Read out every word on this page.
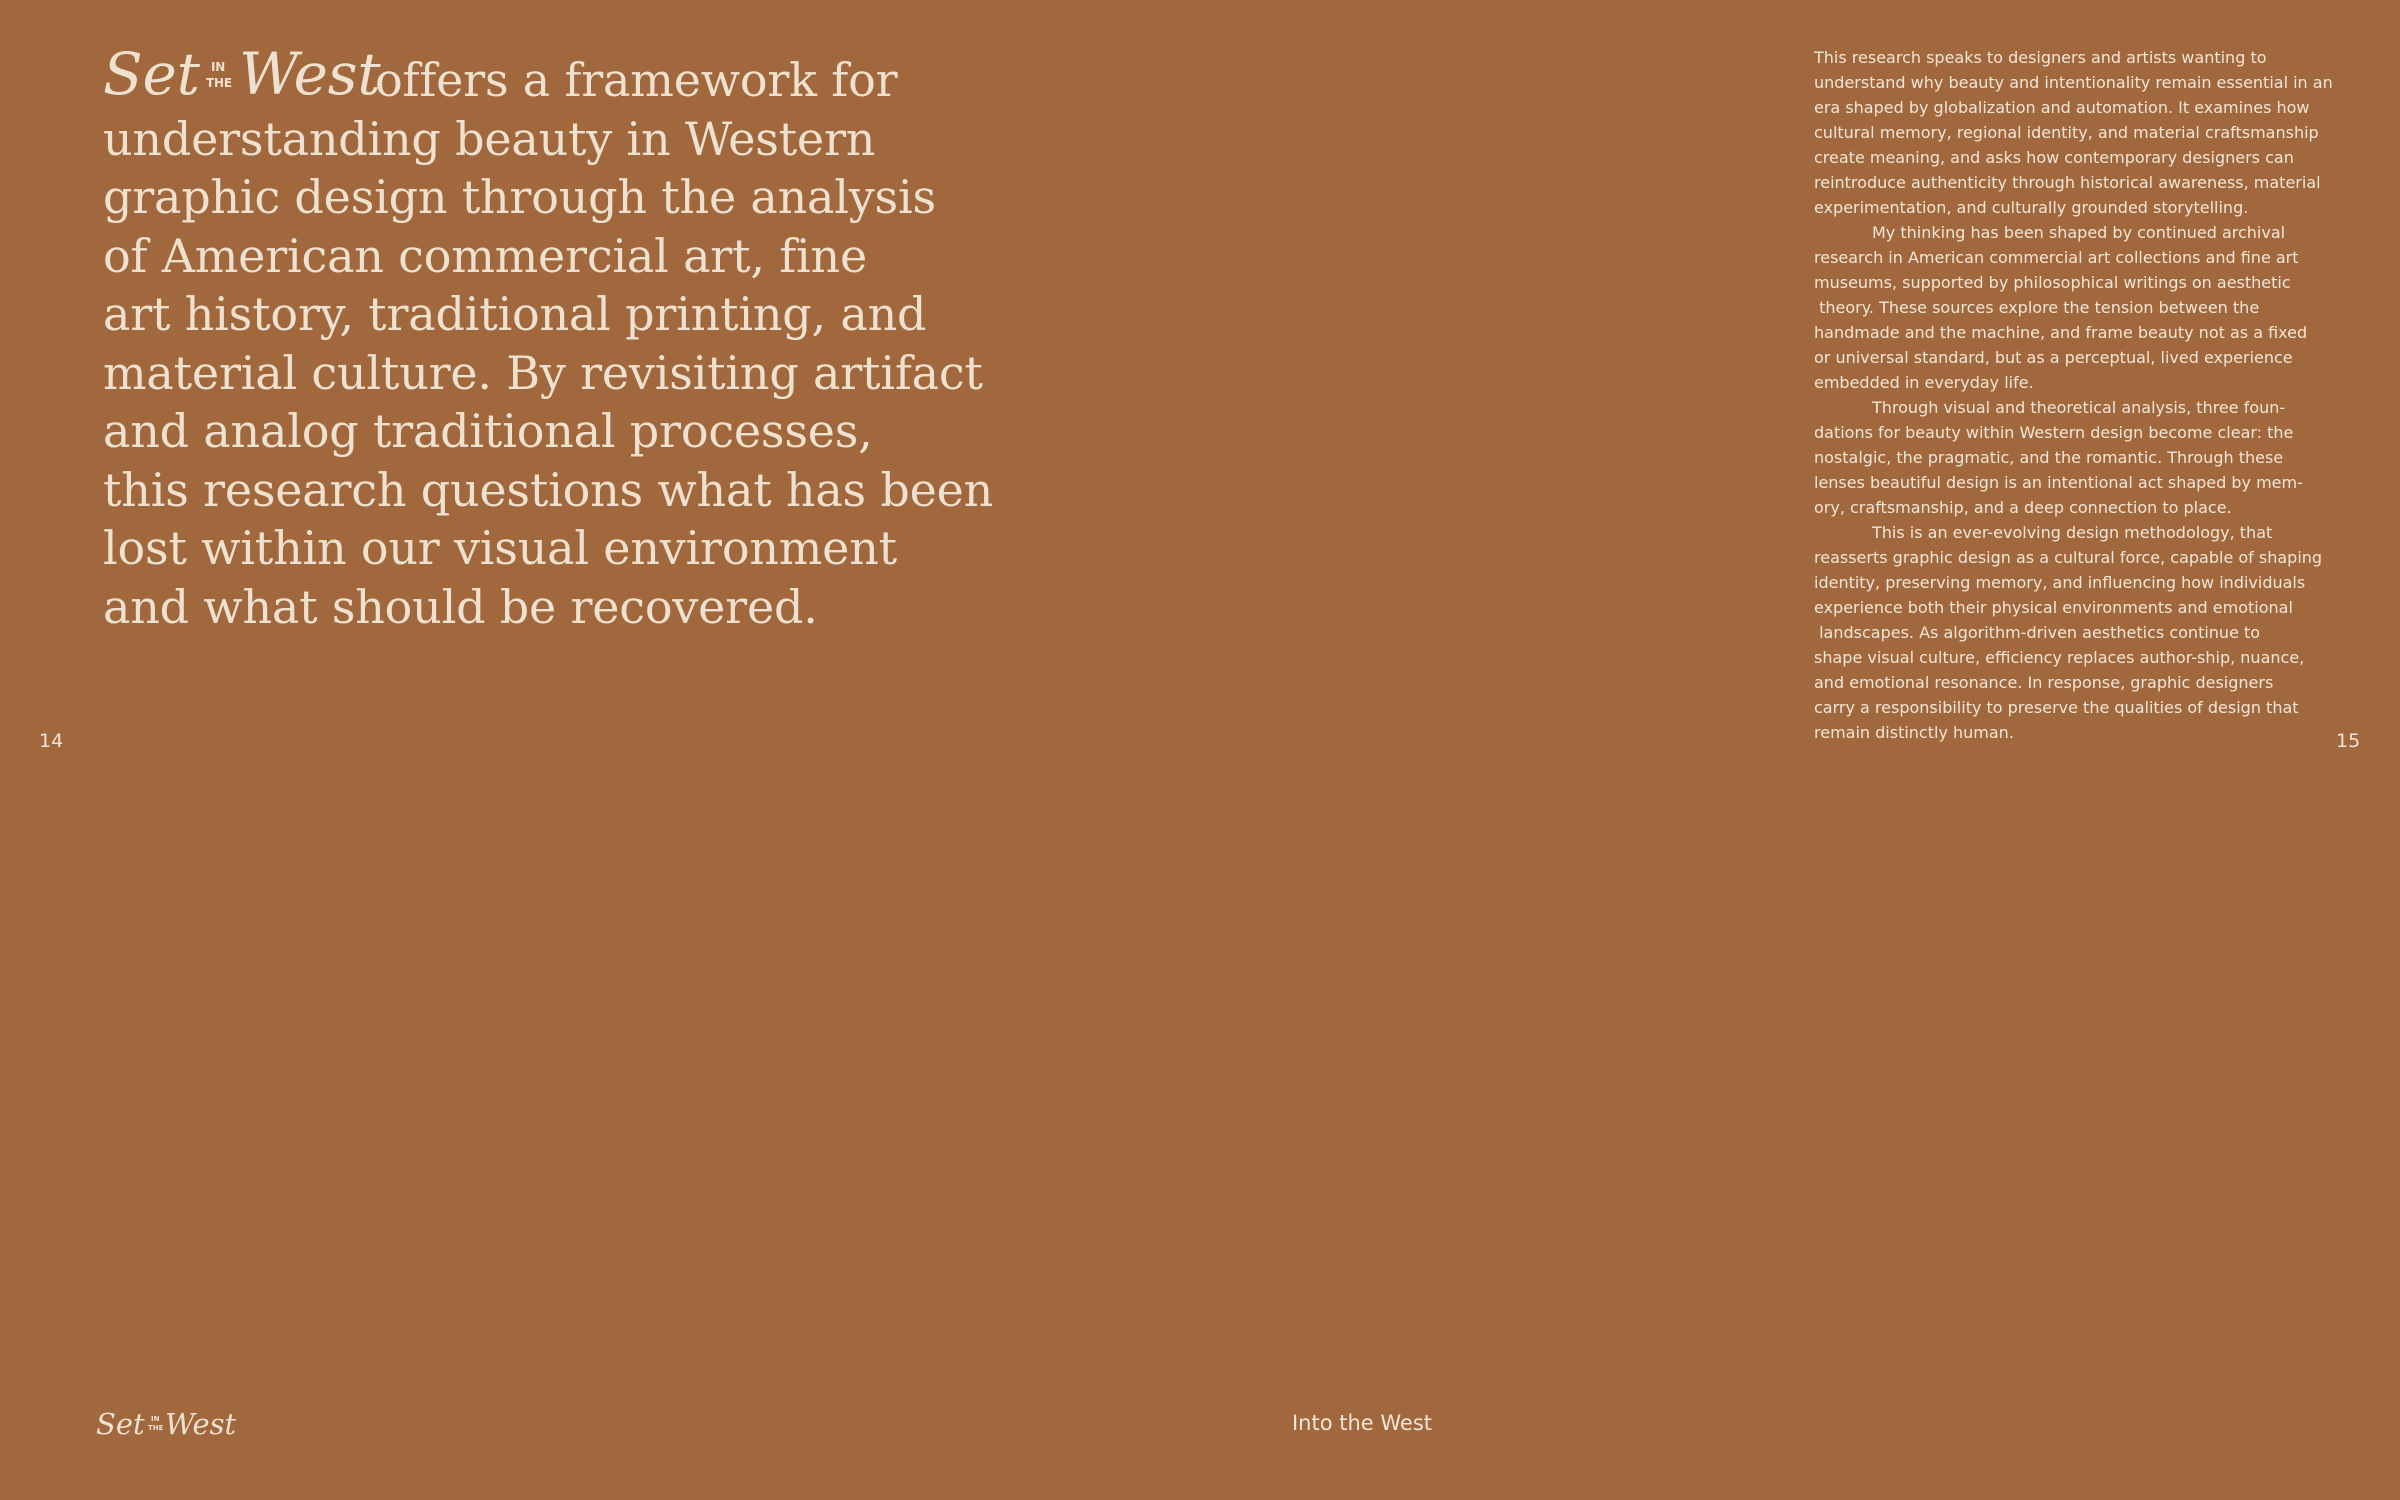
Set IN
THE West
offers a framework for
understanding beauty in Western
graphic design through the analysis
of American commercial art, fine
art history, traditional printing, and
material culture. By revisiting artifact
and analog traditional processes,
this research questions what has been
lost within our visual environment
and what should be recovered.
This research speaks to designers and artists wanting to
understand why beauty and intentionality remain essential in an
era shaped by globalization and automation. It examines how
cultural memory, regional identity, and material craftsmanship
create meaning, and asks how contemporary designers can
reintroduce authenticity through historical awareness, material
experimentation, and culturally grounded storytelling.
My thinking has been shaped by continued archival
research in American commercial art collections and fine art
museums, supported by philosophical writings on aesthetic
theory. These sources explore the tension between the
handmade and the machine, and frame beauty not as a fixed
or universal standard, but as a perceptual, lived experience
embedded in everyday life.
Through visual and theoretical analysis, three foun-
dations for beauty within Western design become clear: the
nostalgic, the pragmatic, and the romantic. Through these
lenses beautiful design is an intentional act shaped by mem-
ory, craftsmanship, and a deep connection to place.
This is an ever-evolving design methodology, that
reasserts graphic design as a cultural force, capable of shaping
identity, preserving memory, and influencing how individuals
experience both their physical environments and emotional
landscapes. As algorithm-driven aesthetics continue to
shape visual culture, efficiency replaces author-ship, nuance,
and emotional resonance. In response, graphic designers
carry a responsibility to preserve the qualities of design that
remain distinctly human.
14	15
Set IN
THE West	Into the West
